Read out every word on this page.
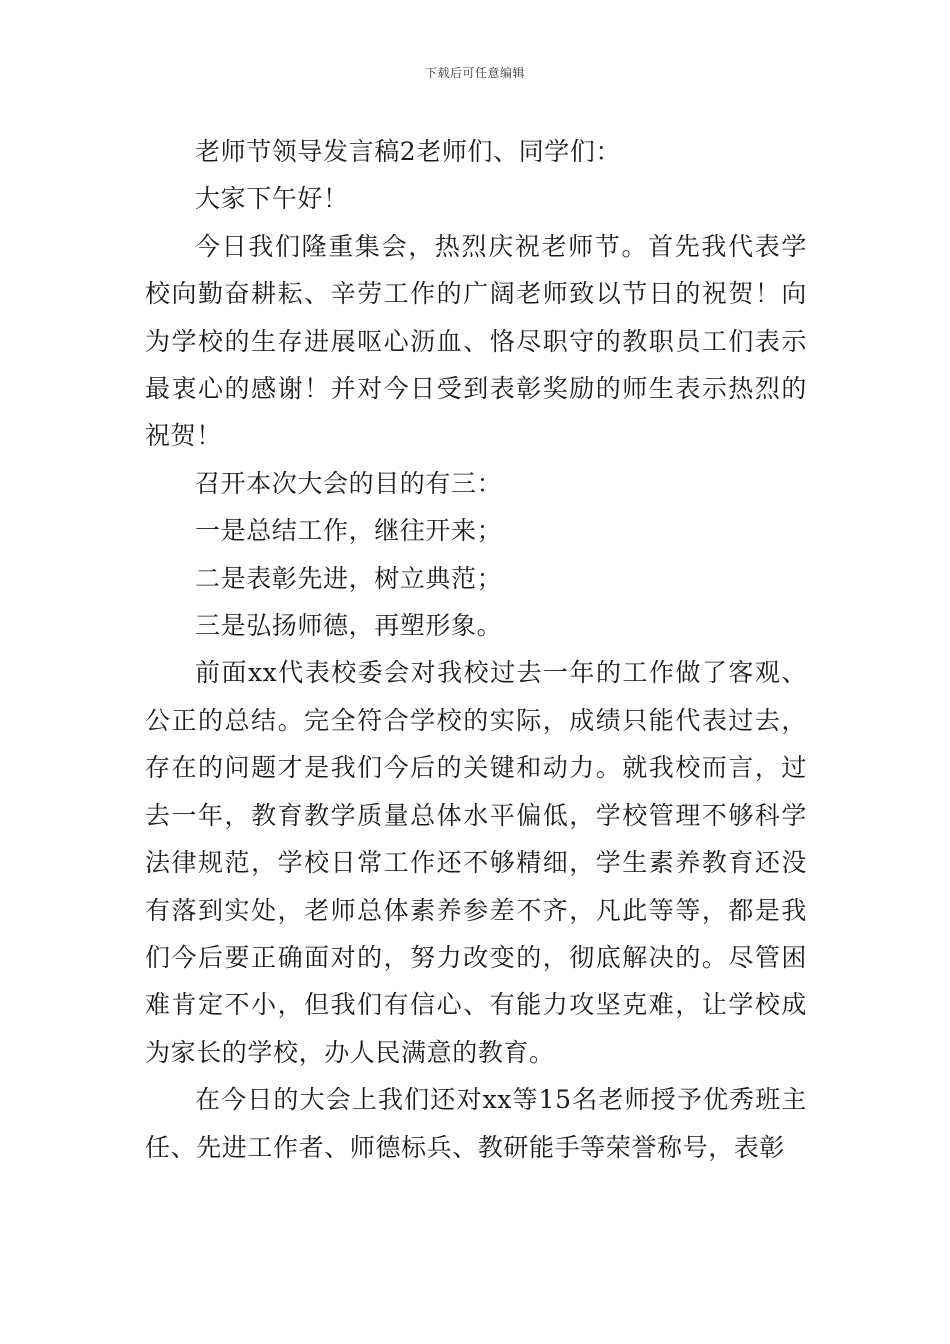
下载后可任意编辑

老师节领导发言稿2老师们、同学们：

大家下午好！

今日我们隆重集会，热烈庆祝老师节。首先我代表学校向勤奋耕耘、辛劳工作的广阔老师致以节日的祝贺！向为学校的生存进展呕心沥血、恪尽职守的教职员工们表示最衷心的感谢！并对今日受到表彰奖励的师生表示热烈的祝贺！

召开本次大会的目的有三：

一是总结工作，继往开来；

二是表彰先进，树立典范；

三是弘扬师德，再塑形象。

前面xx代表校委会对我校过去一年的工作做了客观、公正的总结。完全符合学校的实际，成绩只能代表过去，存在的问题才是我们今后的关键和动力。就我校而言，过去一年，教育教学质量总体水平偏低，学校管理不够科学法律规范，学校日常工作还不够精细，学生素养教育还没有落到实处，老师总体素养参差不齐，凡此等等，都是我们今后要正确面对的，努力改变的，彻底解决的。尽管困难肯定不小，但我们有信心、有能力攻坚克难，让学校成为家长的学校，办人民满意的教育。

在今日的大会上我们还对xx等15名老师授予优秀班主任、先进工作者、师德标兵、教研能手等荣誉称号，表彰
